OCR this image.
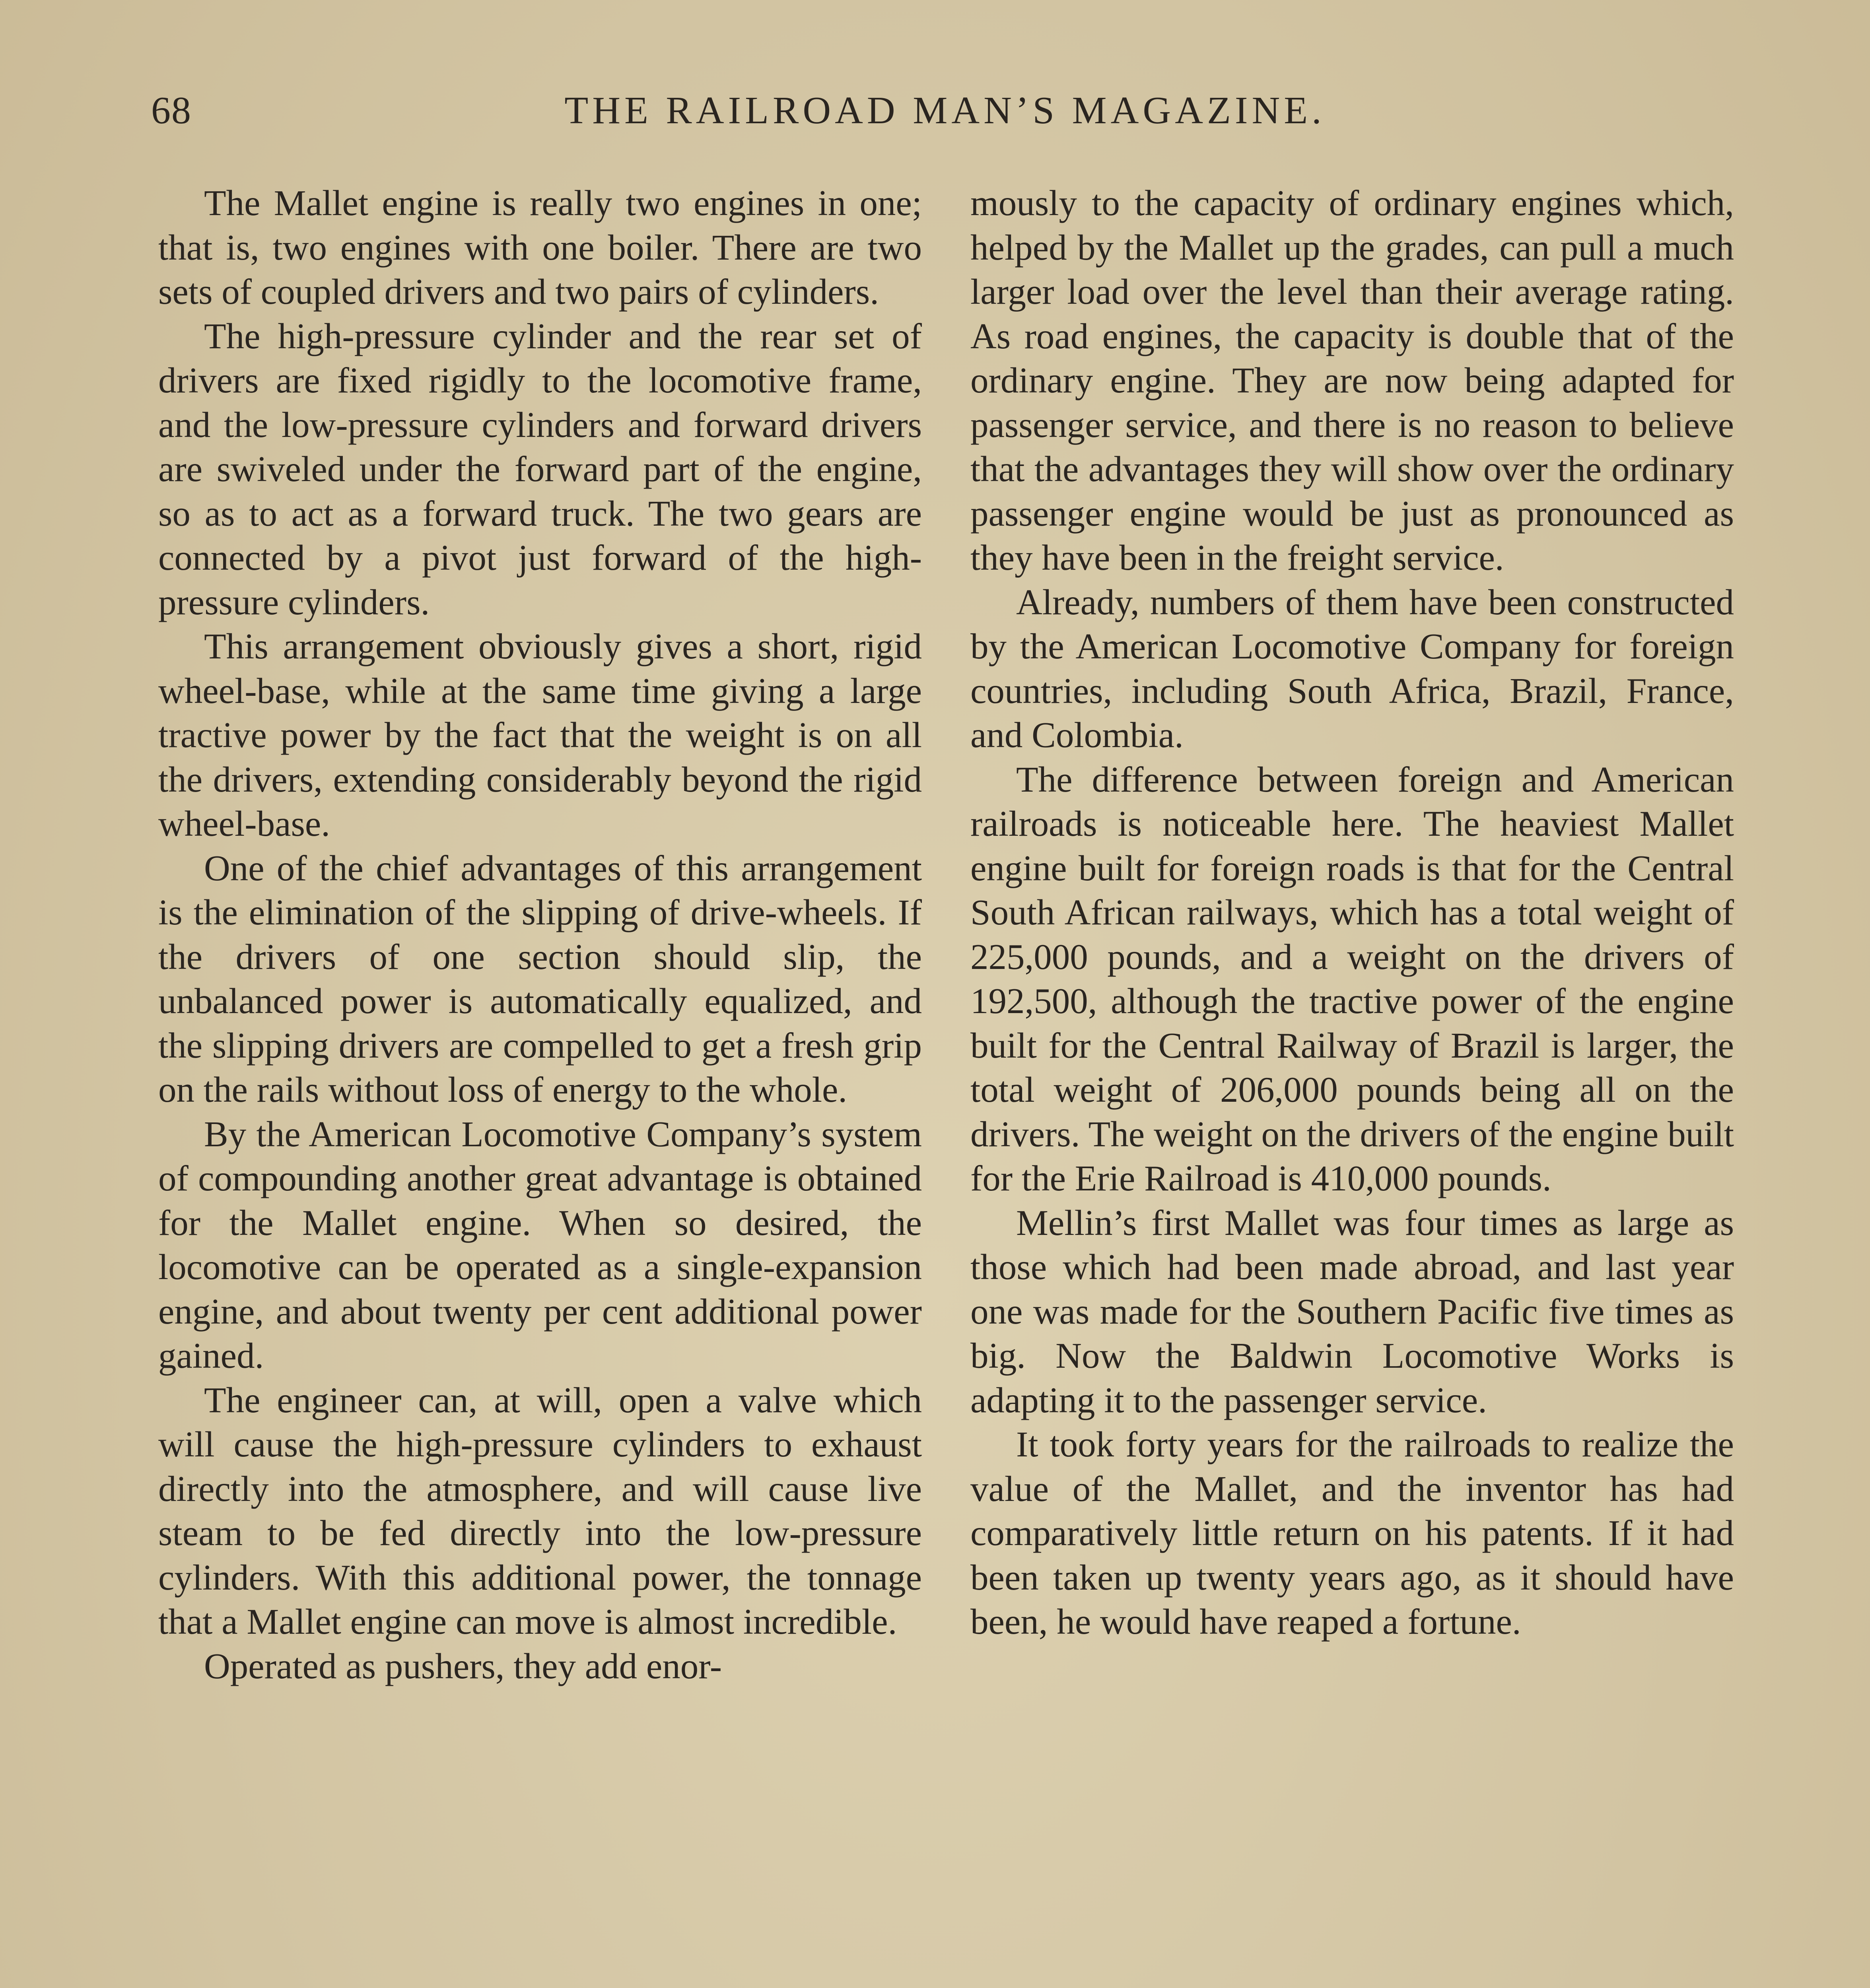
68	THE RAILROAD MAN’S MAGAZINE.

The Mallet engine is really two engines in one; that is, two engines with one boiler. There are two sets of coupled drivers and two pairs of cylinders.

The high-pressure cylinder and the rear set of drivers are fixed rigidly to the locomotive frame, and the low-pressure cylinders and forward drivers are swiveled under the forward part of the engine, so as to act as a forward truck. The two gears are connected by a pivot just forward of the high-pressure cylinders.

This arrangement obviously gives a short, rigid wheel-base, while at the same time giving a large tractive power by the fact that the weight is on all the drivers, extending considerably beyond the rigid wheel-base.

One of the chief advantages of this arrangement is the elimination of the slipping of drive-wheels. If the drivers of one section should slip, the unbalanced power is automatically equalized, and the slipping drivers are compelled to get a fresh grip on the rails without loss of energy to the whole.

By the American Locomotive Company’s system of compounding another great advantage is obtained for the Mallet engine. When so desired, the locomotive can be operated as a single-expansion engine, and about twenty per cent additional power gained.

The engineer can, at will, open a valve which will cause the high-pressure cylinders to exhaust directly into the atmosphere, and will cause live steam to be fed directly into the low-pressure cylinders. With this additional power, the tonnage that a Mallet engine can move is almost incredible.

Operated as pushers, they add enor-

mously to the capacity of ordinary engines which, helped by the Mallet up the grades, can pull a much larger load over the level than their average rating. As road engines, the capacity is double that of the ordinary engine. They are now being adapted for passenger service, and there is no reason to believe that the advantages they will show over the ordinary passenger engine would be just as pronounced as they have been in the freight service.

Already, numbers of them have been constructed by the American Locomotive Company for foreign countries, including South Africa, Brazil, France, and Colombia.

The difference between foreign and American railroads is noticeable here. The heaviest Mallet engine built for foreign roads is that for the Central South African railways, which has a total weight of 225,000 pounds, and a weight on the drivers of 192,500, although the tractive power of the engine built for the Central Railway of Brazil is larger, the total weight of 206,000 pounds being all on the drivers. The weight on the drivers of the engine built for the Erie Railroad is 410,000 pounds.

Mellin’s first Mallet was four times as large as those which had been made abroad, and last year one was made for the Southern Pacific five times as big. Now the Baldwin Locomotive Works is adapting it to the passenger service.

It took forty years for the railroads to realize the value of the Mallet, and the inventor has had comparatively little return on his patents. If it had been taken up twenty years ago, as it should have been, he would have reaped a fortune.
